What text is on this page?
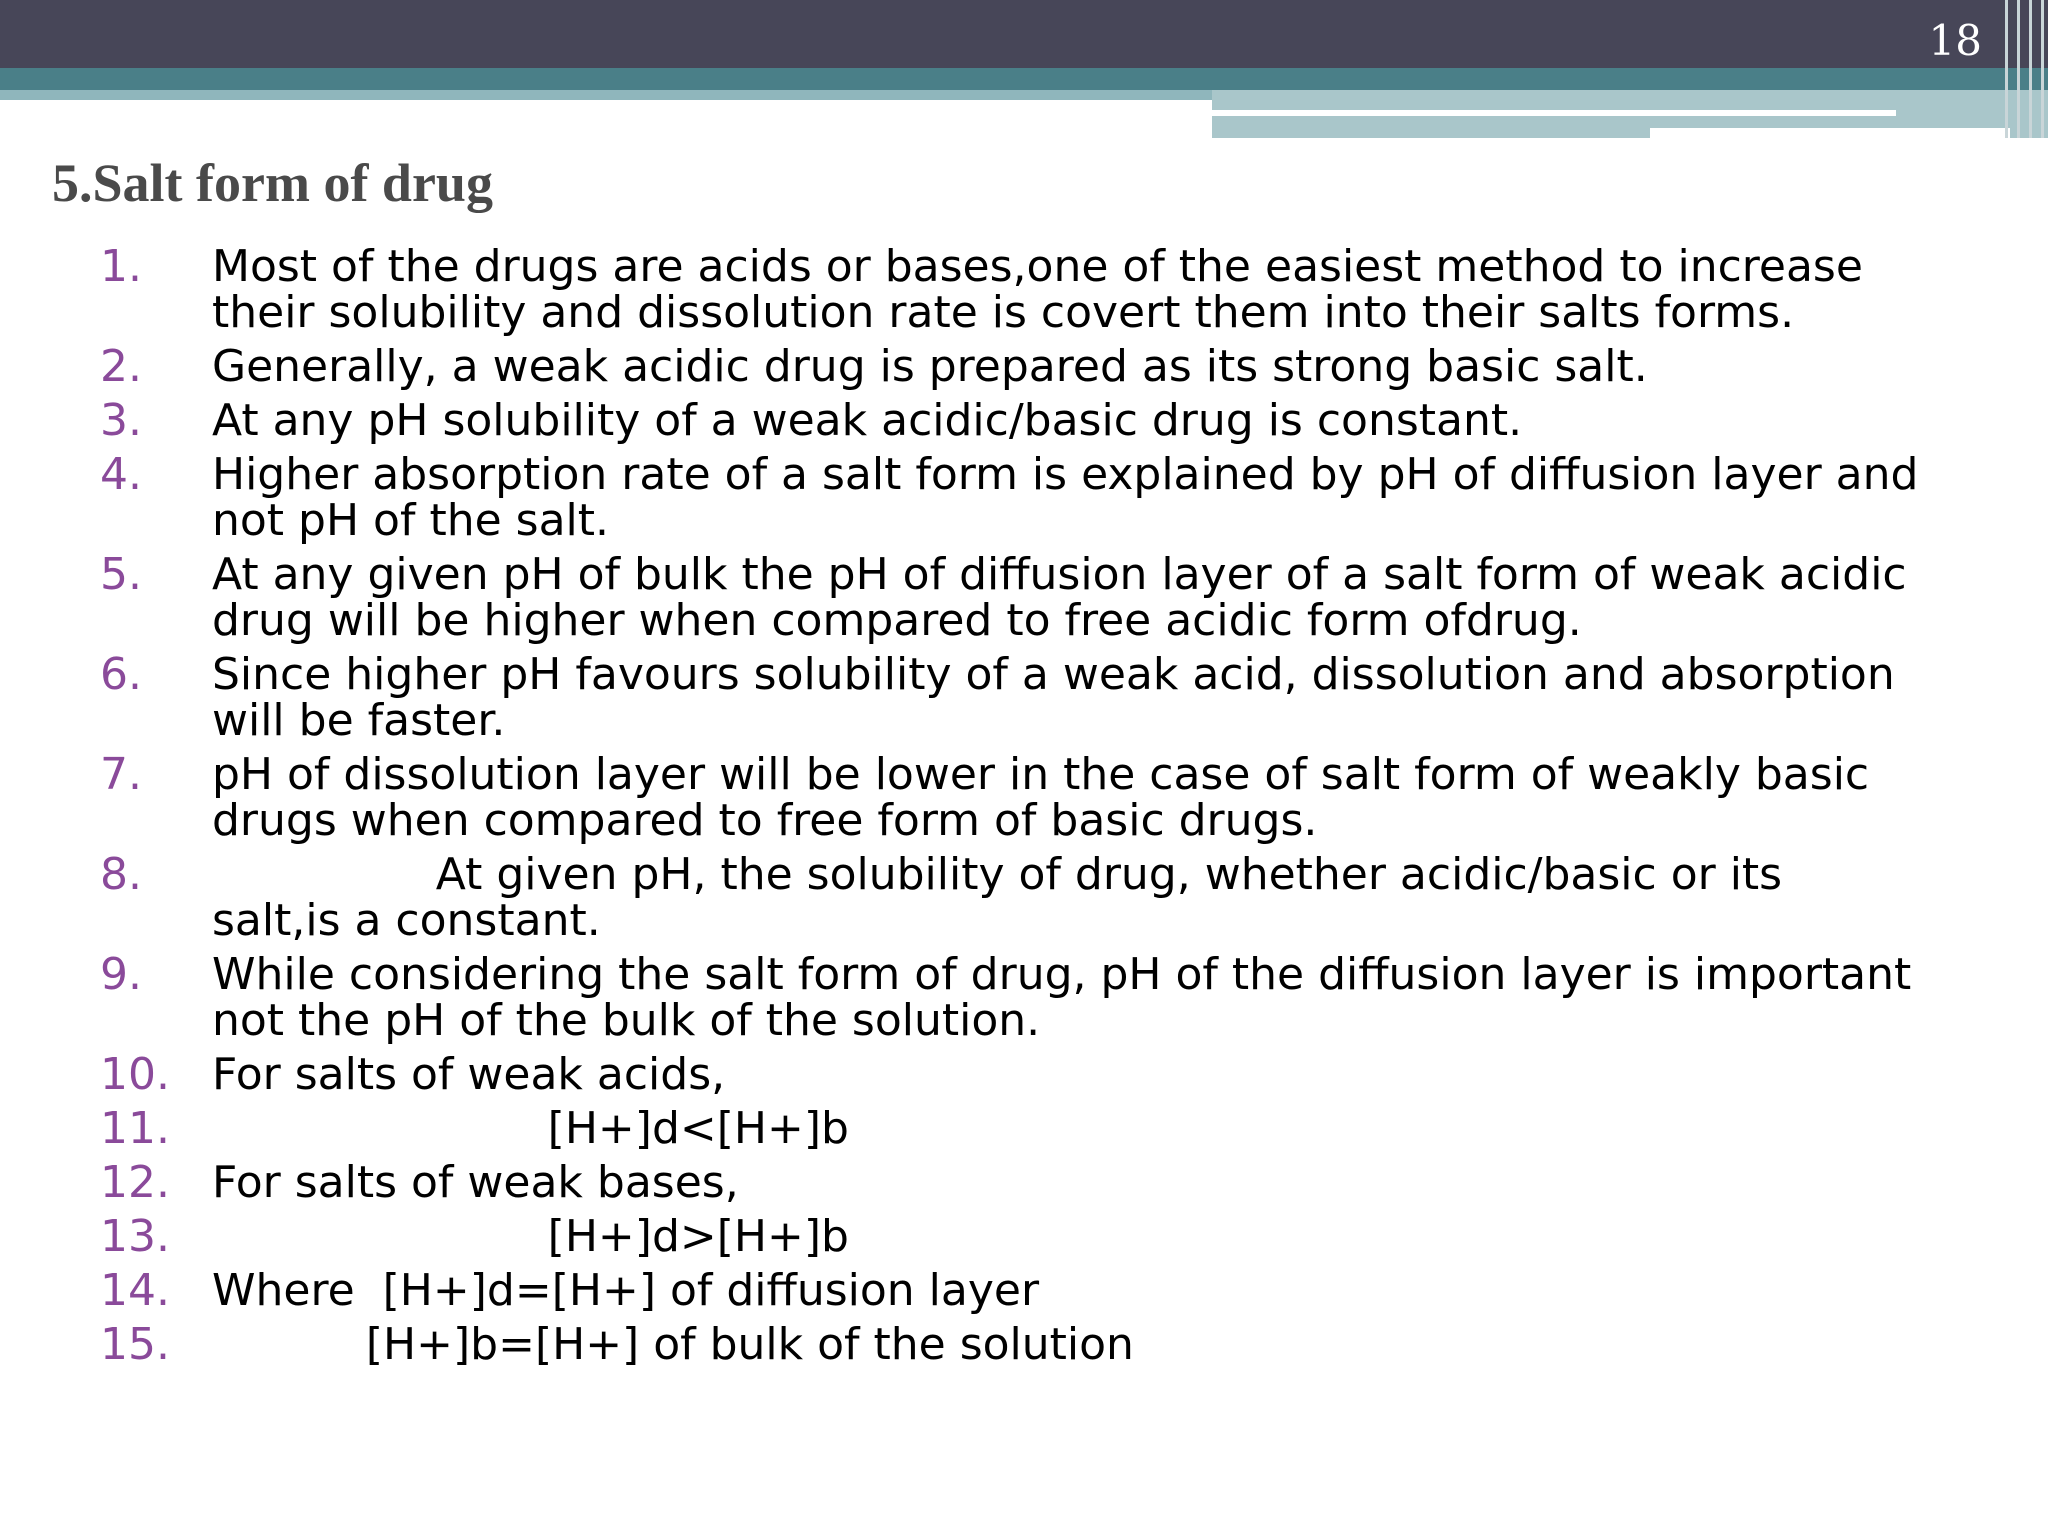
18
5.Salt form of drug
1.	Most of the drugs are acids or bases,one of the easiest method to increase
their solubility and dissolution rate is covert them into their salts forms.
2.	Generally, a weak acidic drug is prepared as its strong basic salt.
3.	At any pH solubility of a weak acidic/basic drug is constant.
4.	Higher absorption rate of a salt form is explained by pH of diffusion layer and
not pH of the salt.
5.	At any given pH of bulk the pH of diffusion layer of a salt form of weak acidic
drug will be higher when compared to free acidic form ofdrug.
6.	Since higher pH favours solubility of a weak acid, dissolution and absorption
will be faster.
7.	pH of dissolution layer will be lower in the case of salt form of weakly basic
drugs when compared to free form of basic drugs.
8.	At given pH, the solubility of drug, whether acidic/basic or its
salt,is a constant.
9.	While considering the salt form of drug, pH of the diffusion layer is important
not the pH of the bulk of the solution.
10. For salts of weak acids,
11. [H+]d<[H+]b
12. For salts of weak bases,
13. [H+]d>[H+]b
14. Where  [H+]d=[H+] of diffusion layer
15. [H+]b=[H+] of bulk of the solution
